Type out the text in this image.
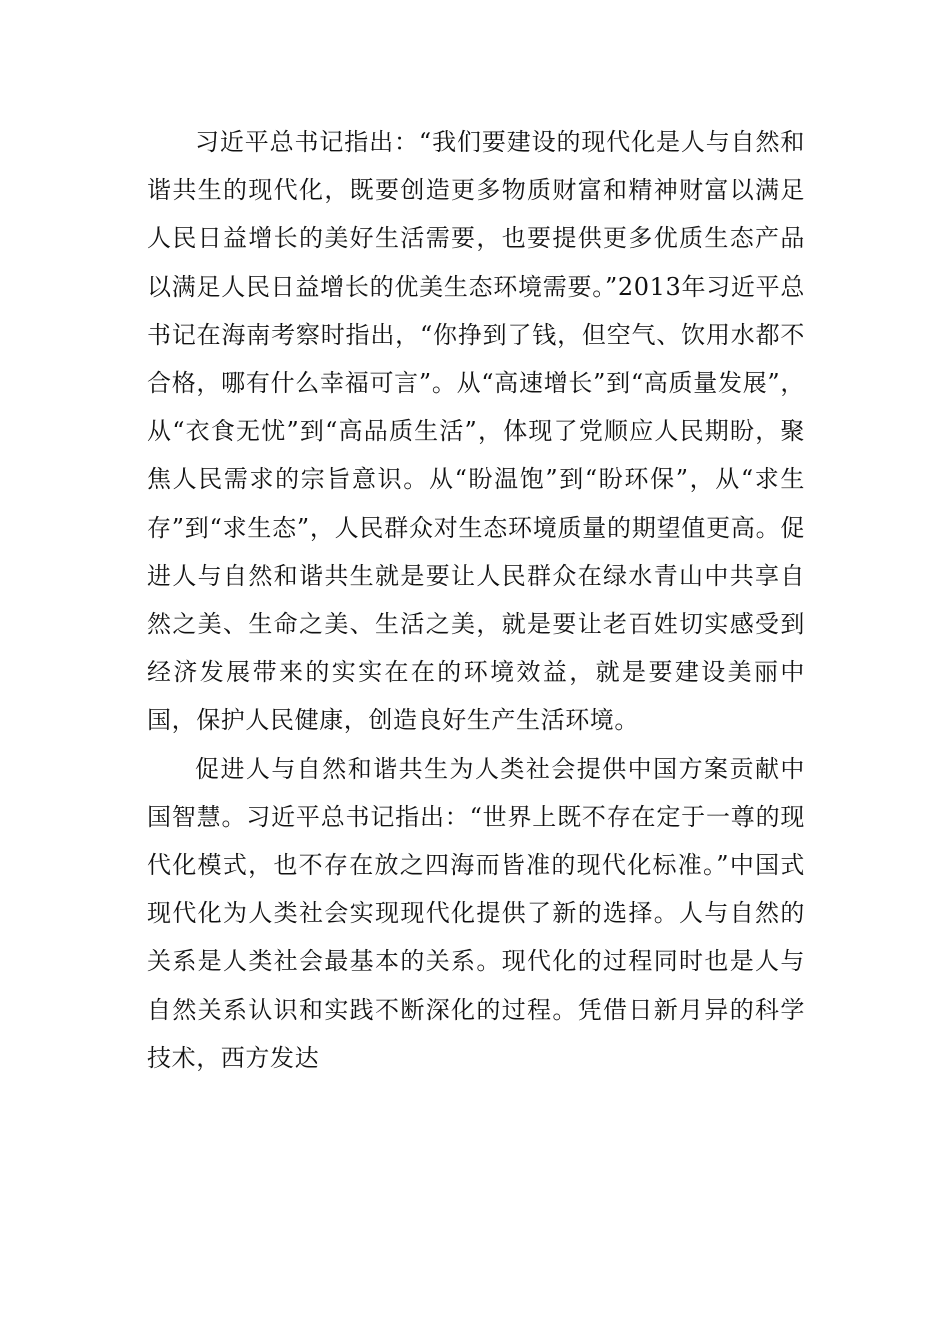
习近平总书记指出：“我们要建设的现代化是人与自然和谐共生的现代化，既要创造更多物质财富和精神财富以满足人民日益增长的美好生活需要，也要提供更多优质生态产品以满足人民日益增长的优美生态环境需要。”2013年习近平总书记在海南考察时指出，“你挣到了钱，但空气、饮用水都不合格，哪有什么幸福可言”。从“高速增长”到“高质量发展”，从“衣食无忧”到“高品质生活”，体现了党顺应人民期盼，聚焦人民需求的宗旨意识。从“盼温饱”到“盼环保”，从“求生存”到“求生态”，人民群众对生态环境质量的期望值更高。促进人与自然和谐共生就是要让人民群众在绿水青山中共享自然之美、生命之美、生活之美，就是要让老百姓切实感受到经济发展带来的实实在在的环境效益，就是要建设美丽中国，保护人民健康，创造良好生产生活环境。

促进人与自然和谐共生为人类社会提供中国方案贡献中国智慧。习近平总书记指出：“世界上既不存在定于一尊的现代化模式，也不存在放之四海而皆准的现代化标准。”中国式现代化为人类社会实现现代化提供了新的选择。人与自然的关系是人类社会最基本的关系。现代化的过程同时也是人与自然关系认识和实践不断深化的过程。凭借日新月异的科学技术，西方发达
